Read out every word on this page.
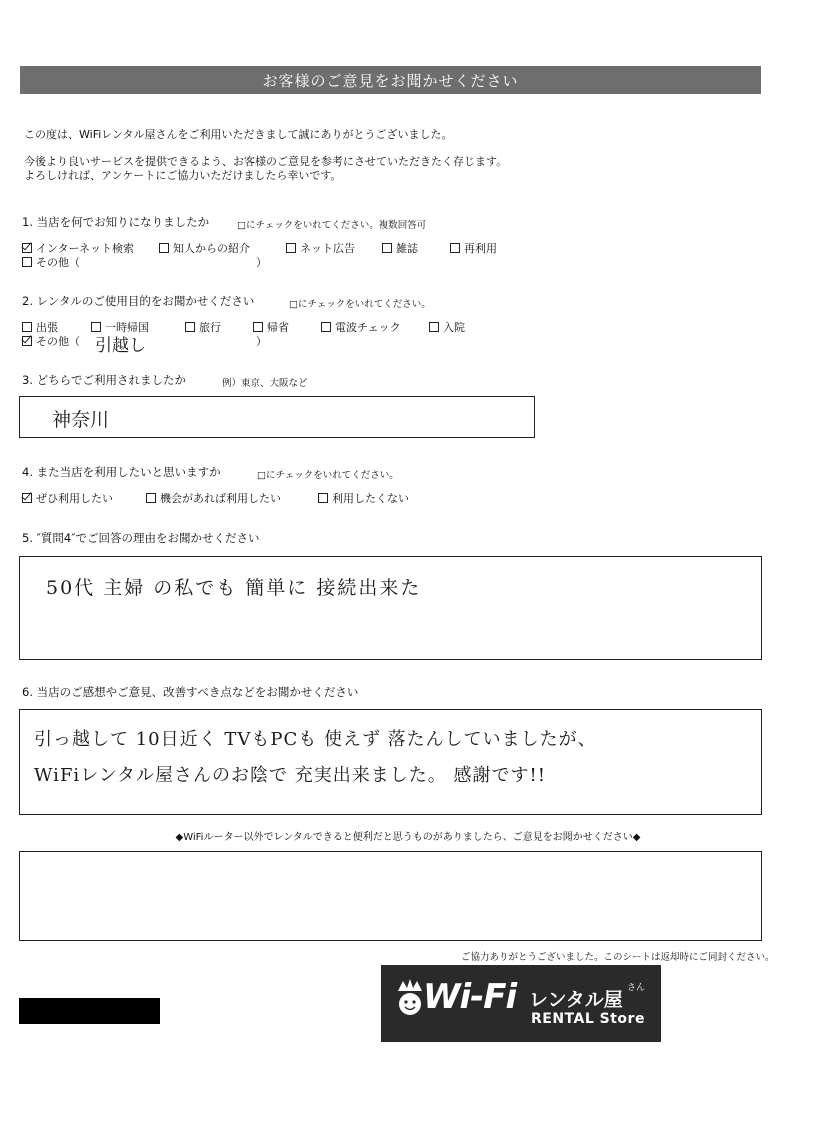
お客様のご意見をお聞かせください
この度は、WiFiレンタル屋さんをご利用いただきまして誠にありがとうございました。
今後より良いサービスを提供できるよう、お客様のご意見を参考にさせていただきたく存じます。
よろしければ、アンケートにご協力いただけましたら幸いです。
1. 当店を何でお知りになりましたか	□にチェックをいれてください。複数回答可
インターネット検索	知人からの紹介	ネット広告	雑誌	再利用
その他（	）
2. レンタルのご使用目的をお聞かせください	□にチェックをいれてください。
出張	一時帰国	旅行	帰省	電波チェック	入院
その他（ 引越し	）
3. どちらでご利用されましたか	例）東京、大阪など
神奈川
4. また当店を利用したいと思いますか	□にチェックをいれてください。
ぜひ利用したい	機会があれば利用したい	利用したくない
5. ″質問4″でご回答の理由をお聞かせください
50代 主婦 の私でも 簡単に 接続出来た
6. 当店のご感想やご意見、改善すべき点などをお聞かせください
引っ越して 10日近く TVもPCも 使えず 落たんしていましたが、
WiFiレンタル屋さんのお陰で 充実出来ました。 感謝です!!
◆WiFiルーター以外でレンタルできると便利だと思うものがありましたら、ご意見をお聞かせください◆
ご協力ありがとうございました。このシートは返却時にご同封ください。
Wi-Fi レンタル屋
さん
RENTAL Store
